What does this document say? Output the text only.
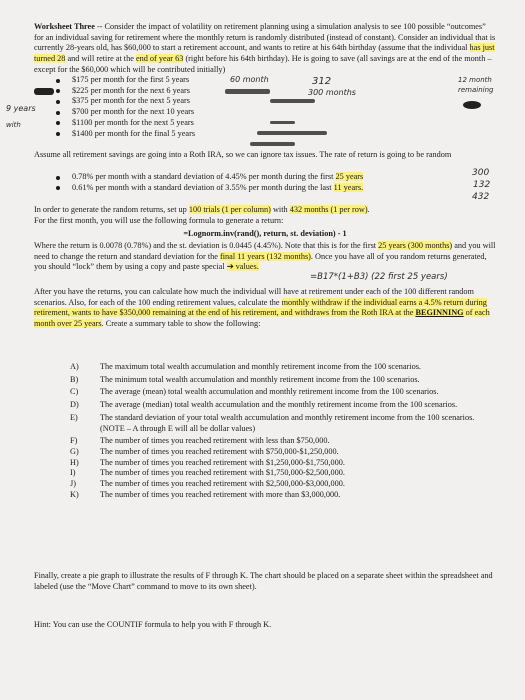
Worksheet Three -- Consider the impact of volatility on retirement planning using a simulation analysis to see 100 possible “outcomes” for an individual saving for retirement where the monthly return is randomly distributed (instead of constant). Consider an individual that is currently 28-years old, has $60,000 to start a retirement account, and wants to retire at his 64th birthday (assume that the individual has just turned 28 and will retire at the end of year 63 (right before his 64th birthday). He is going to save (all savings are at the end of the month – except for the $60,000 which will be contributed initially)
$175 per month for the first 5 years
$225 per month for the next 6 years
$375 per month for the next 5 years
$700 per month for the next 10 years
$1100 per month for the next 5 years
$1400 per month for the final 5 years
60 month	312
300 months
12 month
remaining
9 years
with
Assume all retirement savings are going into a Roth IRA, so we can ignore tax issues. The rate of return is going to be random
0.78% per month with a standard deviation of 4.45% per month during the first 25 years
0.61% per month with a standard deviation of 3.55% per month during the last 11 years.
300
132
432
In order to generate the random returns, set up 100 trials (1 per column) with 432 months (1 per row).
For the first month, you will use the following formula to generate a return:
=Lognorm.inv(rand(), return, st. deviation) - 1
Where the return is 0.0078 (0.78%) and the st. deviation is 0.0445 (4.45%). Note that this is for the first 25 years (300 months) and you will need to change the return and standard deviation for the final 11 years (132 months). Once you have all of you random returns generated, you should “lock” them by using a copy and paste special ➔ values.
=B17*(1+B3) (22 first 25 years)
After you have the returns, you can calculate how much the individual will have at retirement under each of the 100 different random scenarios. Also, for each of the 100 ending retirement values, calculate the monthly withdraw if the individual earns a 4.5% return during retirement, wants to have $350,000 remaining at the end of his retirement, and withdraws from the Roth IRA at the BEGINNING of each month over 25 years. Create a summary table to show the following:
A)	The maximum total wealth accumulation and monthly retirement income from the 100 scenarios.
B)	The minimum total wealth accumulation and monthly retirement income from the 100 scenarios.
C)	The average (mean) total wealth accumulation and monthly retirement income from the 100 scenarios.
D)	The average (median) total wealth accumulation and the monthly retirement income from the 100 scenarios.
E)	The standard deviation of your total wealth accumulation and monthly retirement income from the 100 scenarios. (NOTE – A through E will all be dollar values)
F)	The number of times you reached retirement with less than $750,000.
G)	The number of times you reached retirement with $750,000-$1,250,000.
H)	The number of times you reached retirement with $1,250,000-$1,750,000.
I)	The number of times you reached retirement with $1,750,000-$2,500,000.
J)	The number of times you reached retirement with $2,500,000-$3,000,000.
K)	The number of times you reached retirement with more than $3,000,000.
Finally, create a pie graph to illustrate the results of F through K. The chart should be placed on a separate sheet within the spreadsheet and labeled (use the “Move Chart” command to move to its own sheet).
Hint: You can use the COUNTIF formula to help you with F through K.
